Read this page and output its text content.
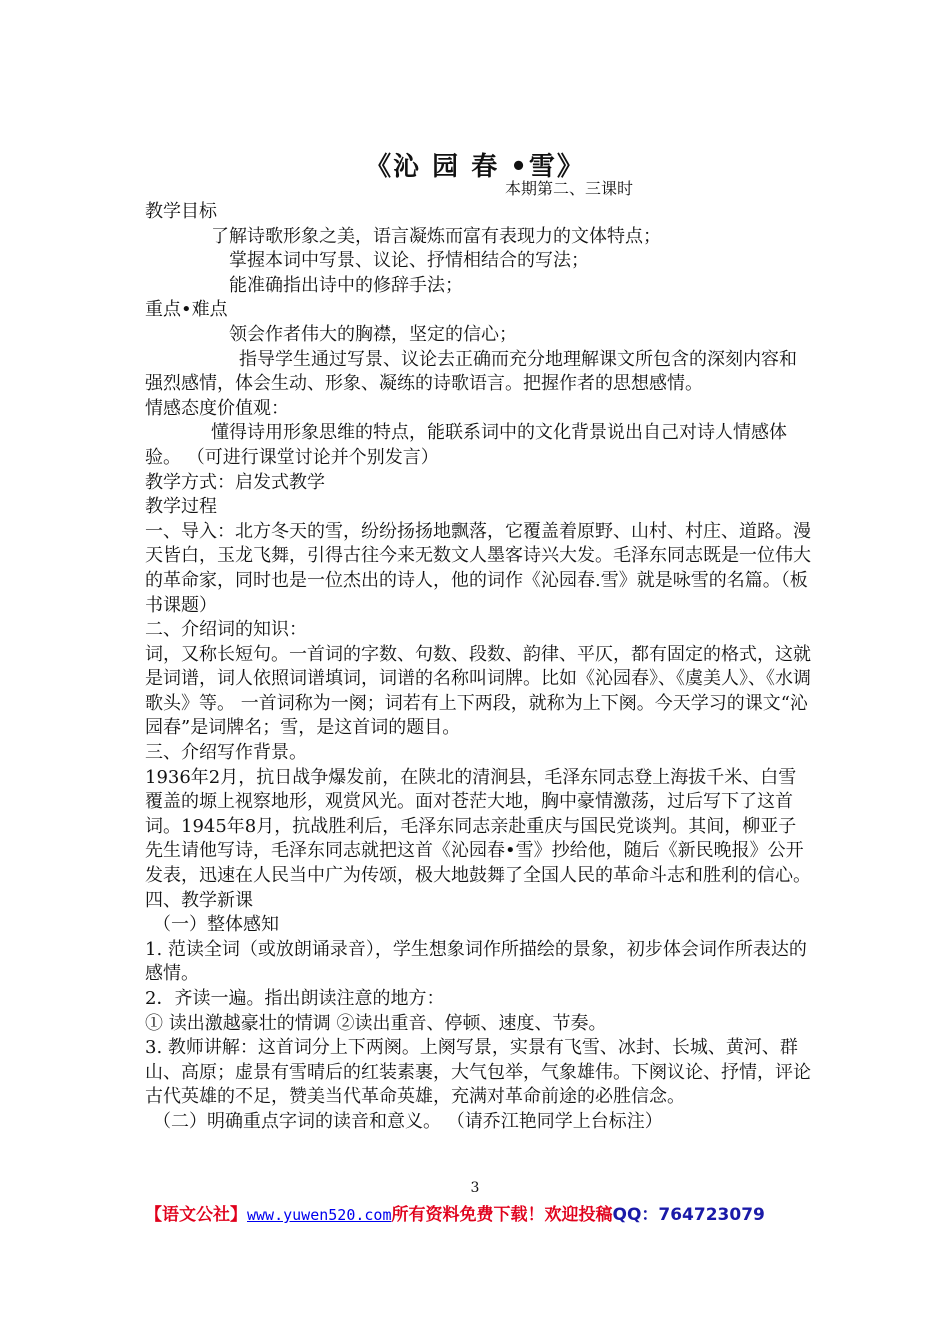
《沁 园 春 •雪》
本期第二、三课时

教学目标

了解诗歌形象之美，语言凝炼而富有表现力的文体特点；

掌握本词中写景、议论、抒情相结合的写法；

能准确指出诗中的修辞手法；

重点•难点

领会作者伟大的胸襟，坚定的信心；

指导学生通过写景、议论去正确而充分地理解课文所包含的深刻内容和强烈感情，体会生动、形象、凝练的诗歌语言。把握作者的思想感情。

情感态度价值观：

懂得诗用形象思维的特点，能联系词中的文化背景说出自己对诗人情感体验。 （可进行课堂讨论并个别发言）

教学方式：启发式教学

教学过程

一、导入：北方冬天的雪，纷纷扬扬地飘落，它覆盖着原野、山村、村庄、道路。漫天皆白，玉龙飞舞，引得古往今来无数文人墨客诗兴大发。毛泽东同志既是一位伟大的革命家，同时也是一位杰出的诗人，他的词作《沁园春.雪》就是咏雪的名篇。（板书课题）

二、介绍词的知识：

词，又称长短句。一首词的字数、句数、段数、韵律、平仄，都有固定的格式，这就是词谱，词人依照词谱填词，词谱的名称叫词牌。比如《沁园春》、《虞美人》、《水调歌头》等。 一首词称为一阕；词若有上下两段，就称为上下阕。今天学习的课文“沁园春”是词牌名；雪，是这首词的题目。

三、介绍写作背景。

1936年2月，抗日战争爆发前，在陕北的清涧县，毛泽东同志登上海拔千米、白雪覆盖的塬上视察地形，观赏风光。面对苍茫大地，胸中豪情激荡，过后写下了这首词。1945年8月，抗战胜利后，毛泽东同志亲赴重庆与国民党谈判。其间，柳亚子先生请他写诗，毛泽东同志就把这首《沁园春•雪》抄给他，随后《新民晚报》公开发表，迅速在人民当中广为传颂，极大地鼓舞了全国人民的革命斗志和胜利的信心。

四、教学新课

（一）整体感知

1. 范读全词（或放朗诵录音），学生想象词作所描绘的景象，初步体会词作所表达的感情。

2．齐读一遍。指出朗读注意的地方：

① 读出激越豪壮的情调 ②读出重音、停顿、速度、节奏。

3. 教师讲解：这首词分上下两阕。上阕写景，实景有飞雪、冰封、长城、黄河、群山、高原；虚景有雪晴后的红装素裹，大气包举，气象雄伟。下阕议论、抒情，评论古代英雄的不足，赞美当代革命英雄，充满对革命前途的必胜信念。

（二）明确重点字词的读音和意义。 （请乔江艳同学上台标注）

3
【语文公社】www.yuwen520.com所有资料免费下载！欢迎投稿QQ：764723079
